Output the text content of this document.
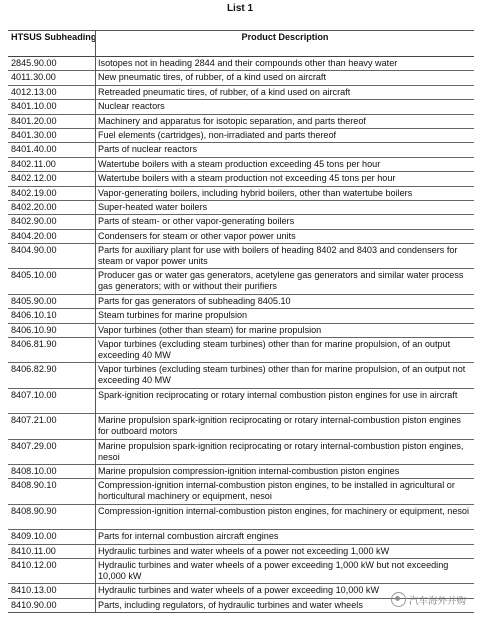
List 1
HTSUS Subheading	Product Description
2845.90.00	Isotopes not in heading 2844 and their compounds other than heavy water
4011.30.00	New pneumatic tires, of rubber, of a kind used on aircraft
4012.13.00	Retreaded pneumatic tires, of rubber, of a kind used on aircraft
8401.10.00	Nuclear reactors
8401.20.00	Machinery and apparatus for isotopic separation, and parts thereof
8401.30.00	Fuel elements (cartridges), non-irradiated and parts thereof
8401.40.00	Parts of nuclear reactors
8402.11.00	Watertube boilers with a steam production exceeding 45 tons per hour
8402.12.00	Watertube boilers with a steam production not exceeding 45 tons per hour
8402.19.00	Vapor-generating boilers, including hybrid boilers, other than watertube boilers
8402.20.00	Super-heated water boilers
8402.90.00	Parts of steam- or other vapor-generating boilers
8404.20.00	Condensers for steam or other vapor power units
8404.90.00	Parts for auxiliary plant for use with boilers of heading 8402 and 8403 and condensers for steam or vapor power units
8405.10.00	Producer gas or water gas generators, acetylene gas generators and similar water process gas generators; with or without their purifiers
8405.90.00	Parts for gas generators of subheading 8405.10
8406.10.10	Steam turbines for marine propulsion
8406.10.90	Vapor turbines (other than steam) for marine propulsion
8406.81.90	Vapor turbines (excluding steam turbines) other than for marine propulsion, of an output exceeding 40 MW
8406.82.90	Vapor turbines (excluding steam turbines) other than for marine propulsion, of an output not exceeding 40 MW
8407.10.00	Spark-ignition reciprocating or rotary internal combustion piston engines for use in aircraft
8407.21.00	Marine propulsion spark-ignition reciprocating or rotary internal-combustion piston engines for outboard motors
8407.29.00	Marine propulsion spark-ignition reciprocating or rotary internal-combustion piston engines, nesoi
8408.10.00	Marine propulsion compression-ignition internal-combustion piston engines
8408.90.10	Compression-ignition internal-combustion piston engines, to be installed in agricultural or horticultural machinery or equipment, nesoi
8408.90.90	Compression-ignition internal-combustion piston engines, for machinery or equipment, nesoi
8409.10.00	Parts for internal combustion aircraft engines
8410.11.00	Hydraulic turbines and water wheels of a power not exceeding 1,000 kW
8410.12.00	Hydraulic turbines and water wheels of a power exceeding 1,000 kW but not exceeding 10,000 kW
8410.13.00	Hydraulic turbines and water wheels of a power exceeding 10,000 kW
8410.90.00	Parts, including regulators, of hydraulic turbines and water wheels	汽车海外并购
